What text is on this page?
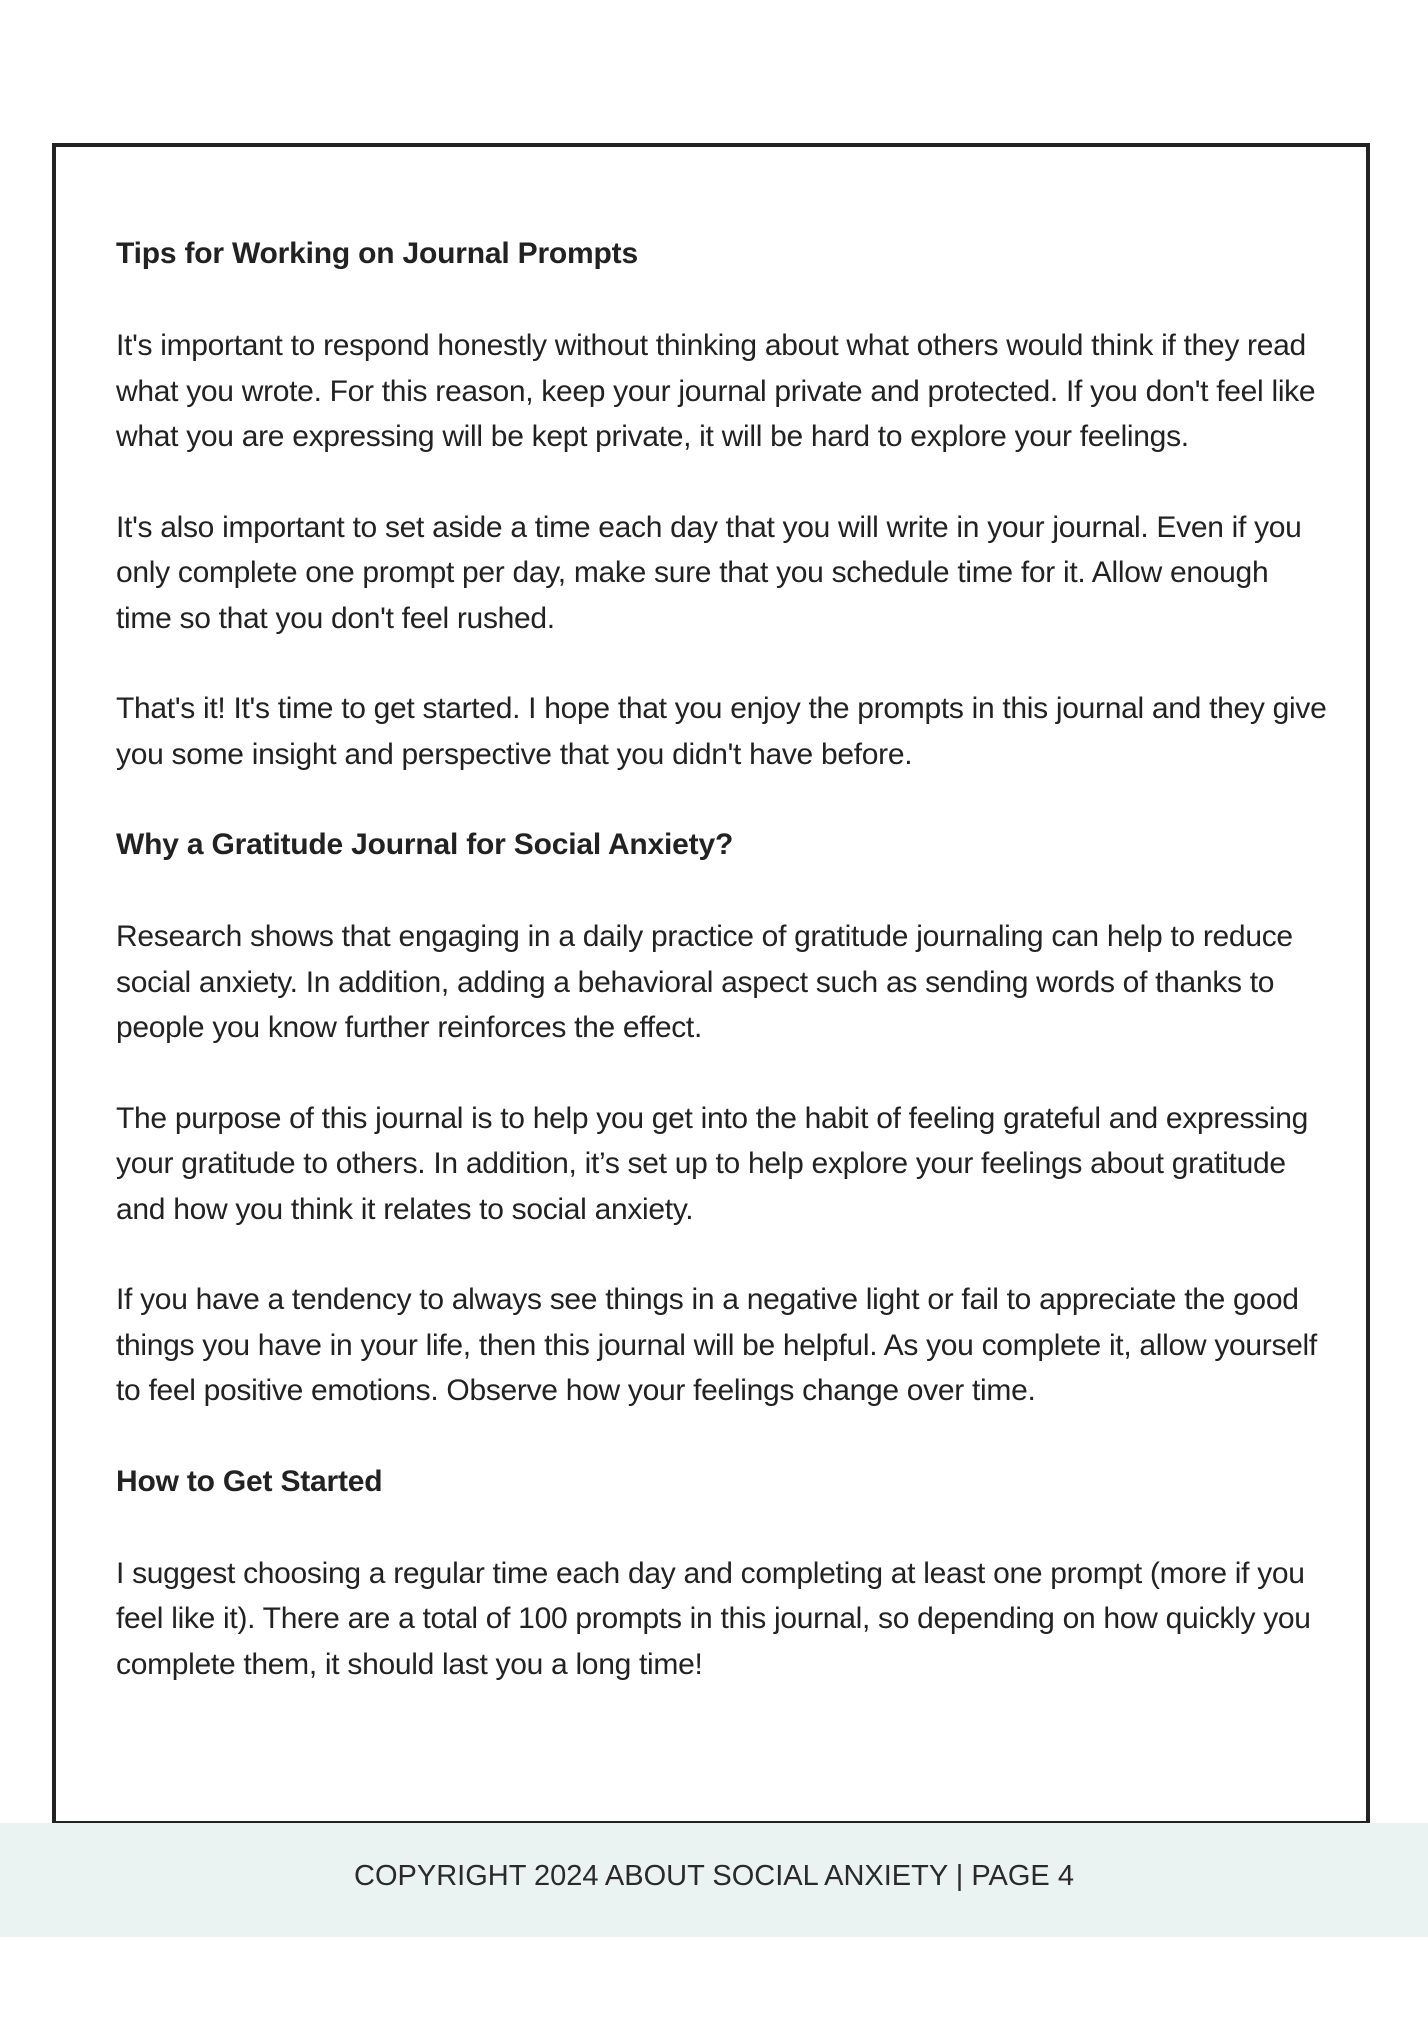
Tips for Working on Journal Prompts

It's important to respond honestly without thinking about what others would think if they read what you wrote. For this reason, keep your journal private and protected. If you don't feel like what you are expressing will be kept private, it will be hard to explore your feelings.

It's also important to set aside a time each day that you will write in your journal. Even if you only complete one prompt per day, make sure that you schedule time for it. Allow enough time so that you don't feel rushed.

That's it! It's time to get started. I hope that you enjoy the prompts in this journal and they give you some insight and perspective that you didn't have before.

Why a Gratitude Journal for Social Anxiety?

Research shows that engaging in a daily practice of gratitude journaling can help to reduce social anxiety. In addition, adding a behavioral aspect such as sending words of thanks to people you know further reinforces the effect.

The purpose of this journal is to help you get into the habit of feeling grateful and expressing your gratitude to others. In addition, it’s set up to help explore your feelings about gratitude and how you think it relates to social anxiety.

If you have a tendency to always see things in a negative light or fail to appreciate the good things you have in your life, then this journal will be helpful. As you complete it, allow yourself to feel positive emotions. Observe how your feelings change over time.

How to Get Started

I suggest choosing a regular time each day and completing at least one prompt (more if you feel like it). There are a total of 100 prompts in this journal, so depending on how quickly you complete them, it should last you a long time!

COPYRIGHT 2024 ABOUT SOCIAL ANXIETY | PAGE 4
